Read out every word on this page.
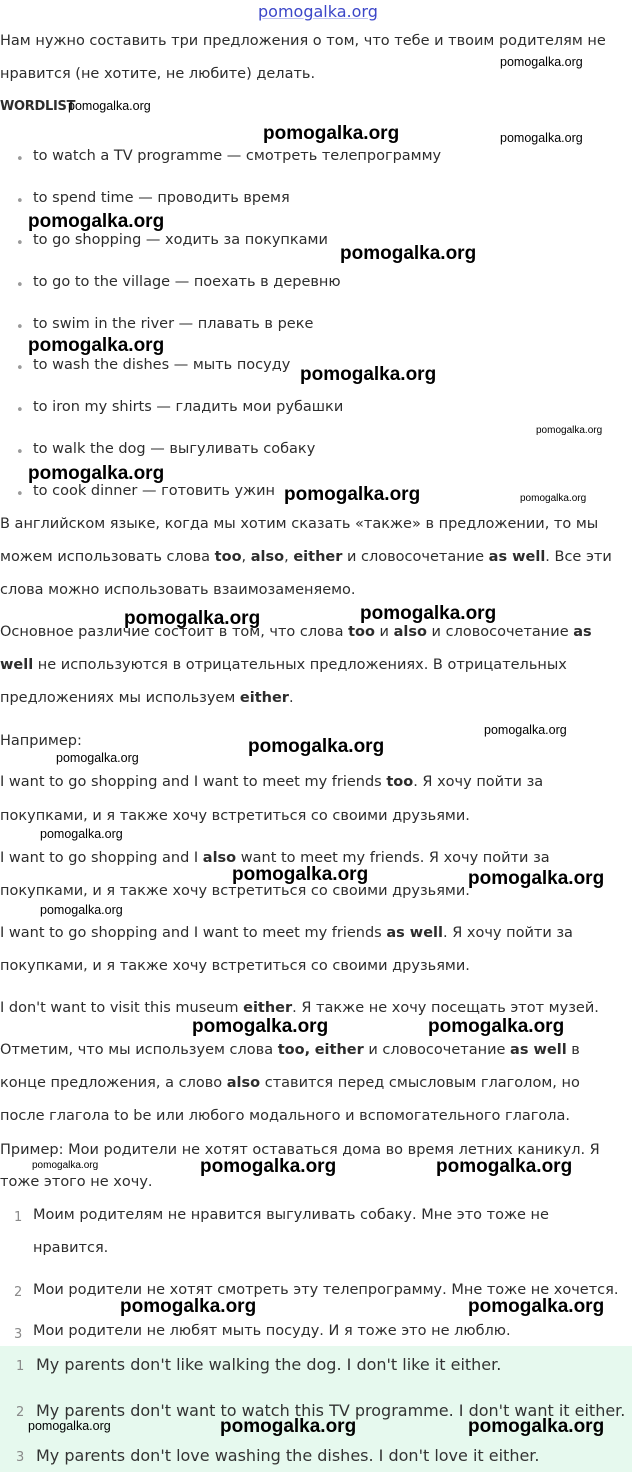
pomogalka.org
Нам нужно составить три предложения о том, что тебе и твоим родителям не
нравится (не хотите, не любите) делать.
WORDLIST
• to watch a TV programme — смотреть телепрограмму
• to spend time — проводить время
• to go shopping — ходить за покупками
• to go to the village — поехать в деревню
• to swim in the river — плавать в реке
• to wash the dishes — мыть посуду
• to iron my shirts — гладить мои рубашки
• to walk the dog — выгуливать собаку
• to cook dinner — готовить ужин
В английском языке, когда мы хотим сказать «также» в предложении, то мы
можем использовать слова too, also, either и словосочетание as well. Все эти
слова можно использовать взаимозаменяемо.
Основное различие состоит в том, что слова too и also и словосочетание as
well не используются в отрицательных предложениях. В отрицательных
предложениях мы используем either.
Например:
I want to go shopping and I want to meet my friends too. Я хочу пойти за
покупками, и я также хочу встретиться со своими друзьями.
I want to go shopping and I also want to meet my friends. Я хочу пойти за
покупками, и я также хочу встретиться со своими друзьями.
I want to go shopping and I want to meet my friends as well. Я хочу пойти за
покупками, и я также хочу встретиться со своими друзьями.
I don't want to visit this museum either. Я также не хочу посещать этот музей.
Отметим, что мы используем слова too, either и словосочетание as well в
конце предложения, а слово also ставится перед смысловым глаголом, но
после глагола to be или любого модального и вспомогательного глагола.
Пример: Мои родители не хотят оставаться дома во время летних каникул. Я
тоже этого не хочу.
1 Моим родителям не нравится выгуливать собаку. Мне это тоже не
нравится.
2 Мои родители не хотят смотреть эту телепрограмму. Мне тоже не хочется.
3 Мои родители не любят мыть посуду. И я тоже это не люблю.
1 My parents don't like walking the dog. I don't like it either.
2 My parents don't want to watch this TV programme. I don't want it either.
3 My parents don't love washing the dishes. I don't love it either.
pomogalka.org
pomogalka.org
pomogalka.org	pomogalka.org
pomogalka.org
pomogalka.org
pomogalka.org
pomogalka.org
pomogalka.org
pomogalka.org
pomogalka.org	pomogalka.org
pomogalka.org
pomogalka.org
pomogalka.org
pomogalka.org
pomogalka.org
pomogalka.org
pomogalka.org	pomogalka.org
pomogalka.org
pomogalka.org	pomogalka.org
pomogalka.org	pomogalka.org	pomogalka.org
pomogalka.org	pomogalka.org
pomogalka.org	pomogalka.org	pomogalka.org
